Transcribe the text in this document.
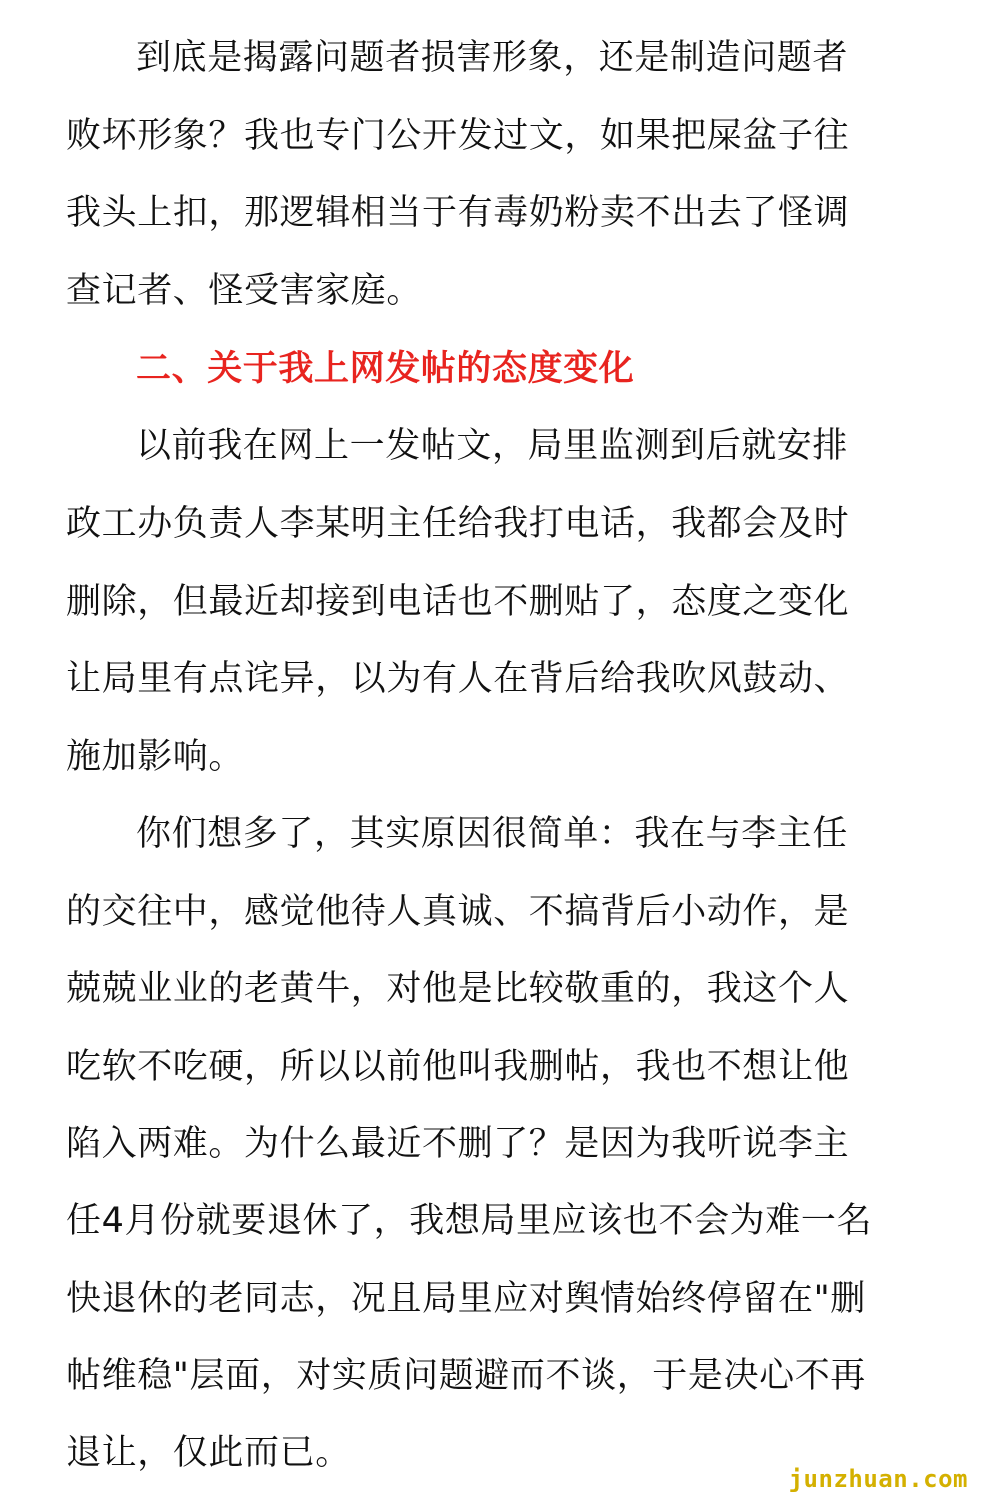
到底是揭露问题者损害形象，还是制造问题者
败坏形象？我也专门公开发过文，如果把屎盆子往
我头上扣，那逻辑相当于有毒奶粉卖不出去了怪调
查记者、怪受害家庭。
二、关于我上网发帖的态度变化
以前我在网上一发帖文，局里监测到后就安排
政工办负责人李某明主任给我打电话，我都会及时
删除，但最近却接到电话也不删贴了，态度之变化
让局里有点诧异，以为有人在背后给我吹风鼓动、
施加影响。
你们想多了，其实原因很简单：我在与李主任
的交往中，感觉他待人真诚、不搞背后小动作，是
兢兢业业的老黄牛，对他是比较敬重的，我这个人
吃软不吃硬，所以以前他叫我删帖，我也不想让他
陷入两难。为什么最近不删了？是因为我听说李主
任4月份就要退休了，我想局里应该也不会为难一名
快退休的老同志，况且局里应对舆情始终停留在"删
帖维稳"层面，对实质问题避而不谈，于是决心不再
退让，仅此而已。
junzhuan.com
